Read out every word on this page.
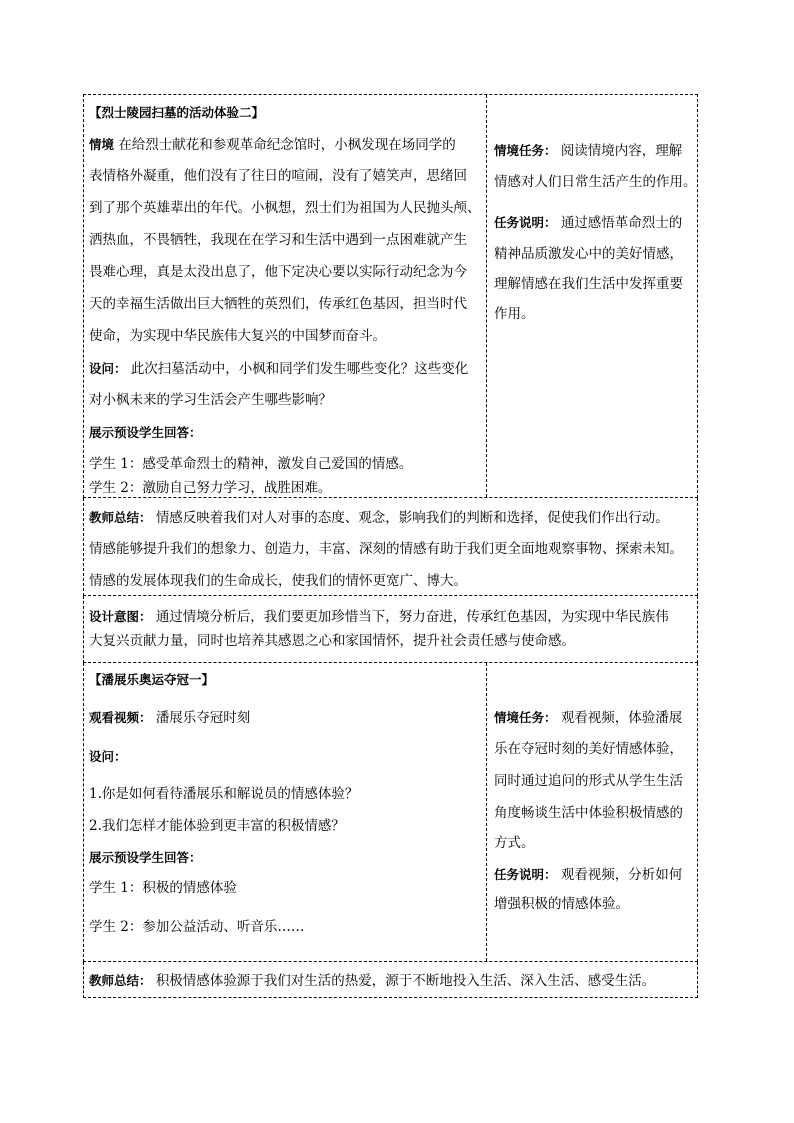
【烈士陵园扫墓的活动体验二】
情境 在给烈士献花和参观革命纪念馆时，小枫发现在场同学的
表情格外凝重，他们没有了往日的喧闹，没有了嬉笑声，思绪回
到了那个英雄辈出的年代。小枫想，烈士们为祖国为人民抛头颅、
洒热血，不畏牺牲，我现在在学习和生活中遇到一点困难就产生
畏难心理，真是太没出息了，他下定决心要以实际行动纪念为今
天的幸福生活做出巨大牺牲的英烈们，传承红色基因，担当时代
使命，为实现中华民族伟大复兴的中国梦而奋斗。
设问： 此次扫墓活动中，小枫和同学们发生哪些变化？这些变化
对小枫未来的学习生活会产生哪些影响？
展示预设学生回答：
学生 1：感受革命烈士的精神，激发自己爱国的情感。
学生 2：激励自己努力学习，战胜困难。
情境任务： 阅读情境内容，理解
情感对人们日常生活产生的作用。
任务说明： 通过感悟革命烈士的
精神品质激发心中的美好情感，
理解情感在我们生活中发挥重要
作用。
教师总结： 情感反映着我们对人对事的态度、观念，影响我们的判断和选择，促使我们作出行动。
情感能够提升我们的想象力、创造力，丰富、深刻的情感有助于我们更全面地观察事物、探索未知。
情感的发展体现我们的生命成长，使我们的情怀更宽广、博大。
设计意图： 通过情境分析后，我们要更加珍惜当下，努力奋进，传承红色基因，为实现中华民族伟
大复兴贡献力量，同时也培养其感恩之心和家国情怀，提升社会责任感与使命感。
【潘展乐奥运夺冠一】
观看视频： 潘展乐夺冠时刻
设问：
1.你是如何看待潘展乐和解说员的情感体验？
2.我们怎样才能体验到更丰富的积极情感？
展示预设学生回答：
学生 1：积极的情感体验
学生 2：参加公益活动、听音乐……
情境任务： 观看视频，体验潘展
乐在夺冠时刻的美好情感体验，
同时通过追问的形式从学生生活
角度畅谈生活中体验积极情感的
方式。
任务说明： 观看视频，分析如何
增强积极的情感体验。
教师总结： 积极情感体验源于我们对生活的热爱，源于不断地投入生活、深入生活、感受生活。
